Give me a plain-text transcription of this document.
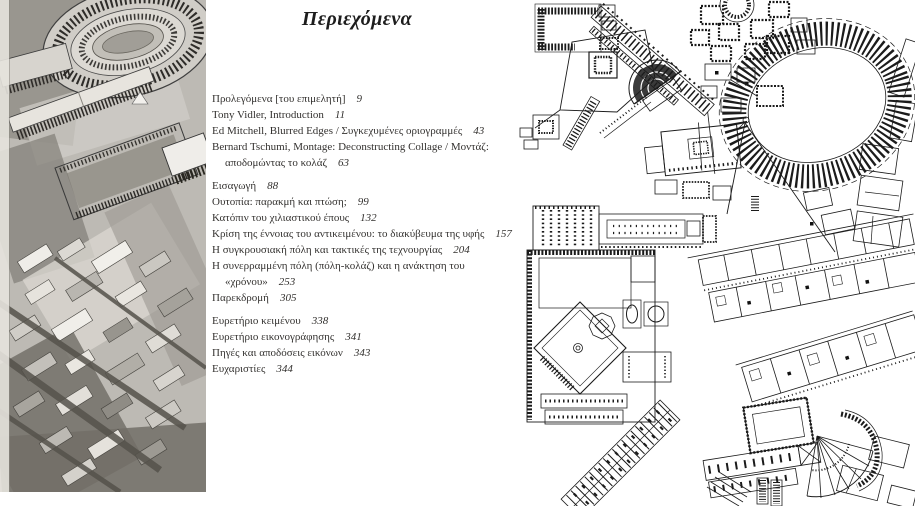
Περιεχόμενα

Προλεγόμενα [του επιμελητή] 9

Tony Vidler, Introduction 11

Ed Mitchell, Blurred Edges / Συγκεχυμένες οριογραμμές 43

Bernard Tschumi, Montage: Deconstructing Collage / Μοντάζ:
αποδομώντας το κολάζ 63

Εισαγωγή 88

Ουτοπία: παρακμή και πτώση; 99

Κατόπιν του χιλιαστικού έπους 132

Κρίση της έννοιας του αντικειμένου: το διακύβευμα της υφής 157

Η συγκρουσιακή πόλη και τακτικές της τεχνουργίας 204

Η συνερραμμένη πόλη (πόλη-κολάζ) και η ανάκτηση του
«χρόνου» 253

Παρεκδρομή 305

Ευρετήριο κειμένου 338

Ευρετήριο εικονογράφησης 341

Πηγές και αποδόσεις εικόνων 343

Ευχαριστίες 344
